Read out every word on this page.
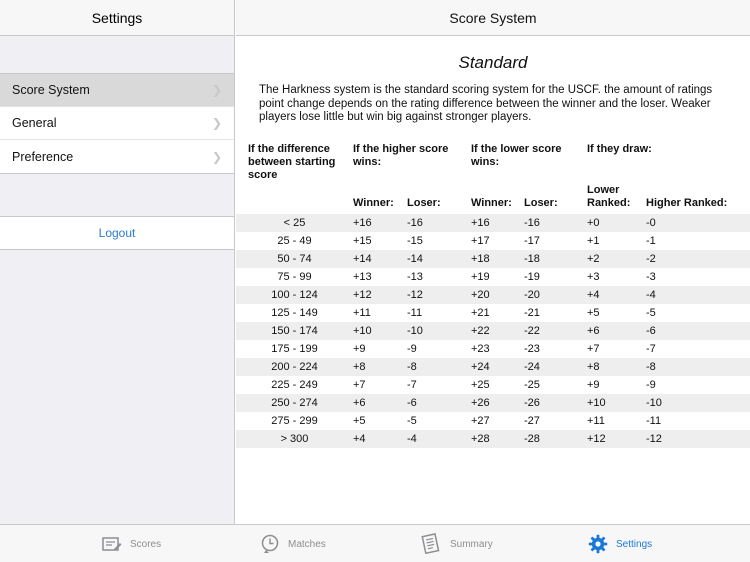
Settings
Score System	❯
General	❯
Preference	❯
Logout
Score System
Standard

The Harkness system is the standard scoring system for the USCF. the amount of ratings point change depends on the rating difference between the winner and the loser. Weaker players lose little but win big against stronger players.

If the difference between starting score	If the higher score wins:		If the lower score wins:		If they draw:	
	Winner:	Loser:	Winner:	Loser:	Lower Ranked:	Higher Ranked:
< 25	+16	-16	+16	-16	+0	-0
25 - 49	+15	-15	+17	-17	+1	-1
50 - 74	+14	-14	+18	-18	+2	-2
75 - 99	+13	-13	+19	-19	+3	-3
100 - 124	+12	-12	+20	-20	+4	-4
125 - 149	+11	-11	+21	-21	+5	-5
150 - 174	+10	-10	+22	-22	+6	-6
175 - 199	+9	-9	+23	-23	+7	-7
200 - 224	+8	-8	+24	-24	+8	-8
225 - 249	+7	-7	+25	-25	+9	-9
250 - 274	+6	-6	+26	-26	+10	-10
275 - 299	+5	-5	+27	-27	+11	-11
> 300	+4	-4	+28	-28	+12	-12
Scores	Matches	Summary	Settings
